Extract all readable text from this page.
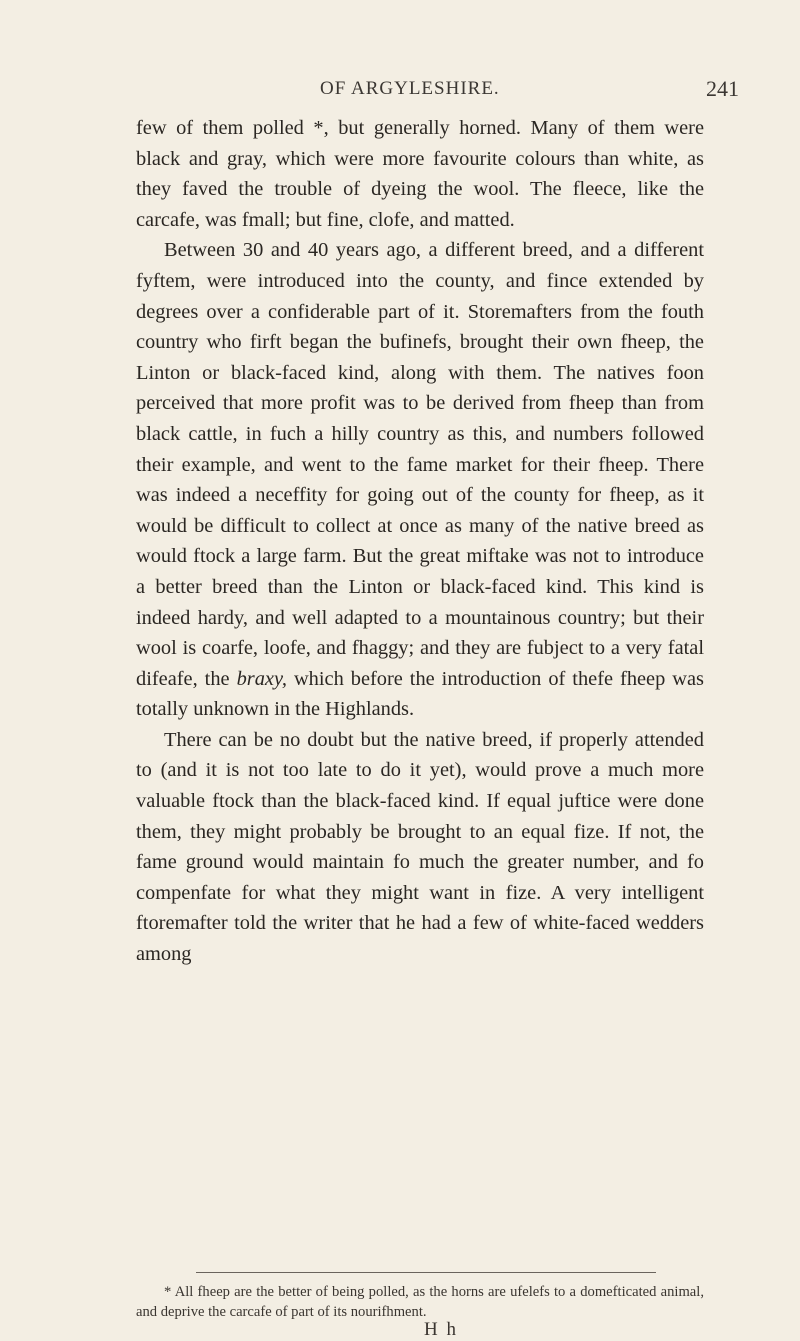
OF ARGYLESHIRE.	241

few of them polled *, but generally horned. Many of them were black and gray, which were more favourite colours than white, as they faved the trouble of dyeing the wool. The fleece, like the carcafe, was fmall; but fine, clofe, and matted.

Between 30 and 40 years ago, a different breed, and a different fyftem, were introduced into the county, and fince extended by degrees over a confiderable part of it. Storemafters from the fouth country who firft began the bufinefs, brought their own fheep, the Linton or black-faced kind, along with them. The natives foon perceived that more profit was to be derived from fheep than from black cattle, in fuch a hilly country as this, and numbers followed their example, and went to the fame market for their fheep. There was indeed a neceffity for going out of the county for fheep, as it would be difficult to collect at once as many of the native breed as would ftock a large farm. But the great miftake was not to introduce a better breed than the Linton or black-faced kind. This kind is indeed hardy, and well adapted to a mountainous country; but their wool is coarfe, loofe, and fhaggy; and they are fubject to a very fatal difeafe, the braxy, which before the introduction of thefe fheep was totally unknown in the Highlands.

There can be no doubt but the native breed, if properly attended to (and it is not too late to do it yet), would prove a much more valuable ftock than the black-faced kind. If equal juftice were done them, they might probably be brought to an equal fize. If not, the fame ground would maintain fo much the greater number, and fo compenfate for what they might want in fize. A very intelligent ftoremafter told the writer that he had a few of white-faced wedders among

* All fheep are the better of being polled, as the horns are ufelefs to a domefticated animal, and deprive the carcafe of part of its nourifhment.
H h
